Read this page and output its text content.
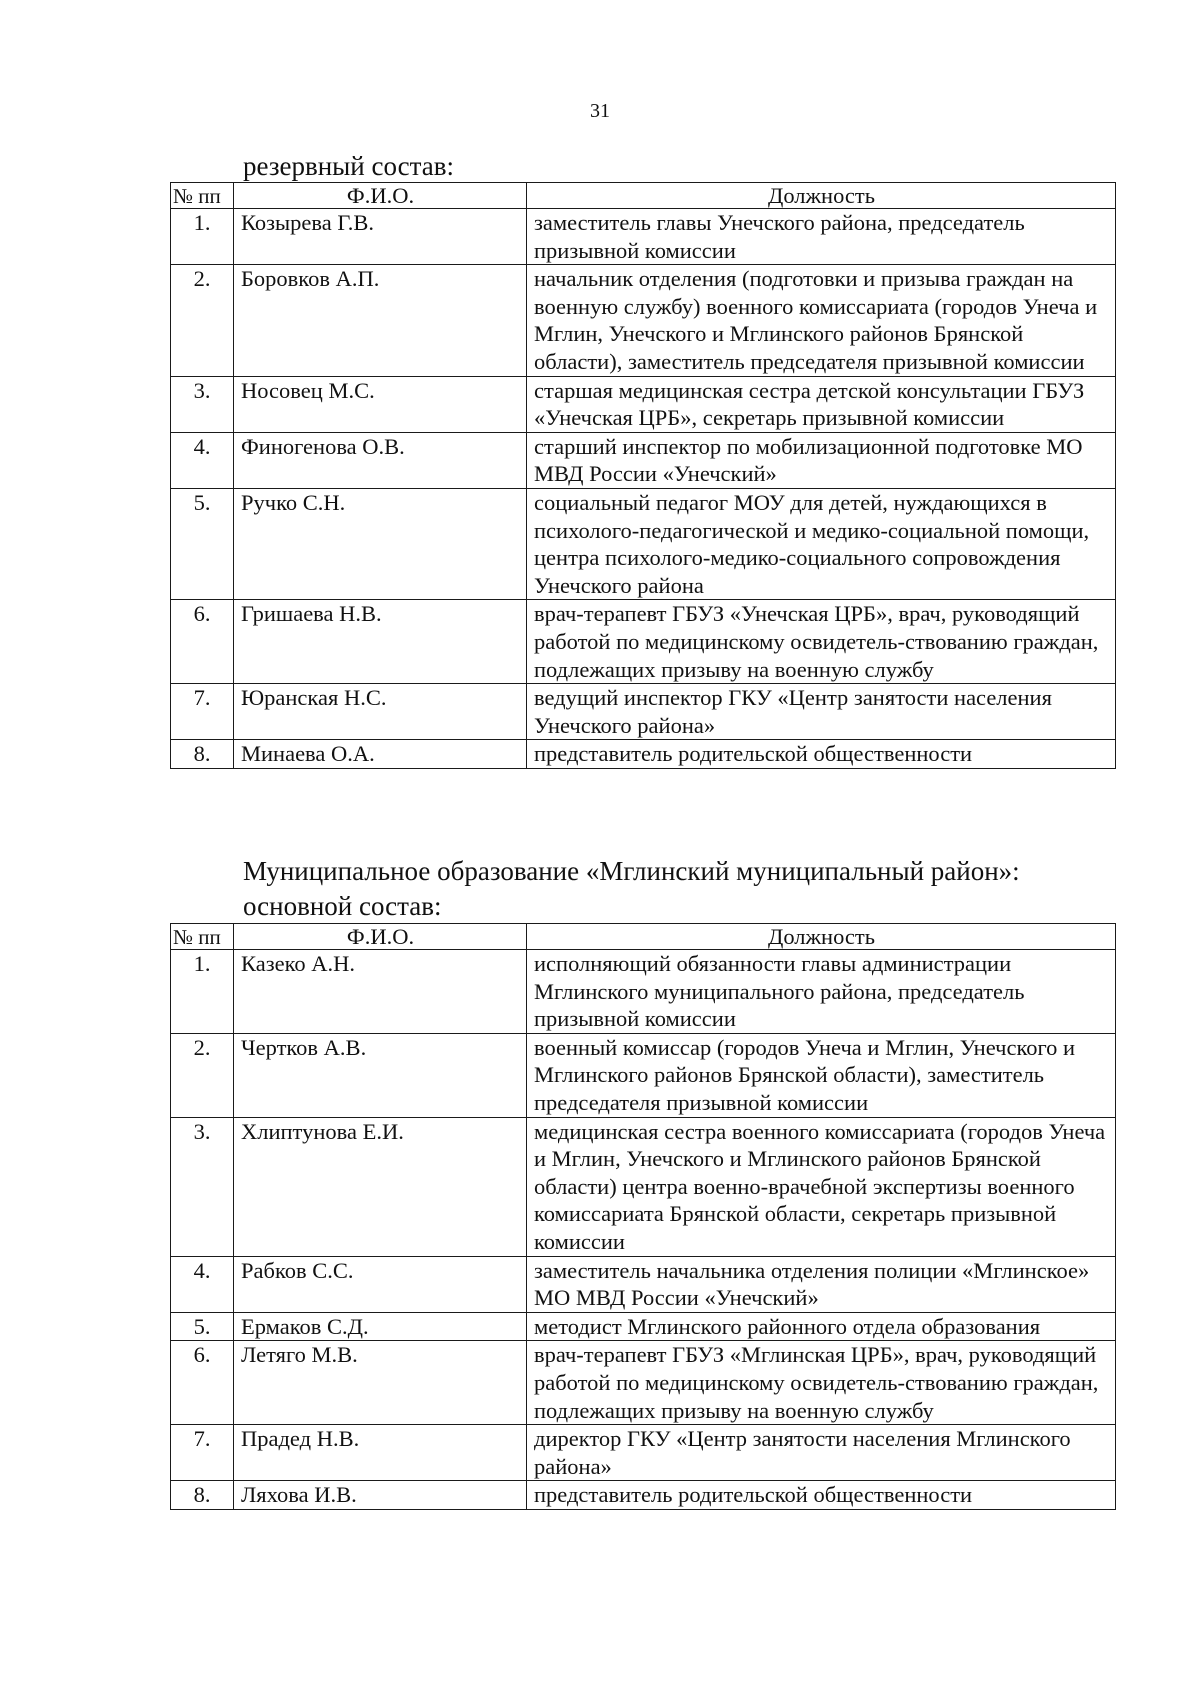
31
резервный состав:
№ пп	Ф.И.О.	Должность
1.	Козырева Г.В.	заместитель главы Унечского района, председатель призывной комиссии
2.	Боровков А.П.	начальник отделения (подготовки и призыва граждан на военную службу) военного комиссариата (городов Унеча и Мглин, Унечского и Мглинского районов Брянской области), заместитель председателя призывной комиссии
3.	Носовец М.С.	старшая медицинская сестра детской консультации ГБУЗ «Унечская ЦРБ», секретарь призывной комиссии
4.	Финогенова О.В.	старший инспектор по мобилизационной подготовке МО МВД России «Унечский»
5.	Ручко С.Н.	социальный педагог МОУ для детей, нуждающихся в психолого-педагогической и медико-социальной помощи, центра психолого-медико-социального сопровождения Унечского района
6.	Гришаева Н.В.	врач-терапевт ГБУЗ «Унечская ЦРБ», врач, руководящий работой по медицинскому освидетель-ствованию граждан, подлежащих призыву на военную службу
7.	Юранская Н.С.	ведущий инспектор ГКУ «Центр занятости населения Унечского района»
8.	Минаева О.А.	представитель родительской общественности
Муниципальное образование «Мглинский муниципальный район»:
основной состав:
№ пп	Ф.И.О.	Должность
1.	Казеко А.Н.	исполняющий обязанности главы администрации Мглинского муниципального района, председатель призывной комиссии
2.	Чертков А.В.	военный комиссар (городов Унеча и Мглин, Унечского и Мглинского районов Брянской области), заместитель председателя призывной комиссии
3.	Хлиптунова Е.И.	медицинская сестра военного комиссариата (городов Унеча и Мглин, Унечского и Мглинского районов Брянской области) центра военно-врачебной экспертизы военного комиссариата Брянской области, секретарь призывной комиссии
4.	Рабков С.С.	заместитель начальника отделения полиции «Мглинское» МО МВД России «Унечский»
5.	Ермаков С.Д.	методист Мглинского районного отдела образования
6.	Летяго М.В.	врач-терапевт ГБУЗ «Мглинская ЦРБ», врач, руководящий работой по медицинскому освидетель-ствованию граждан, подлежащих призыву на военную службу
7.	Прадед Н.В.	директор ГКУ «Центр занятости населения Мглинского района»
8.	Ляхова И.В.	представитель родительской общественности
